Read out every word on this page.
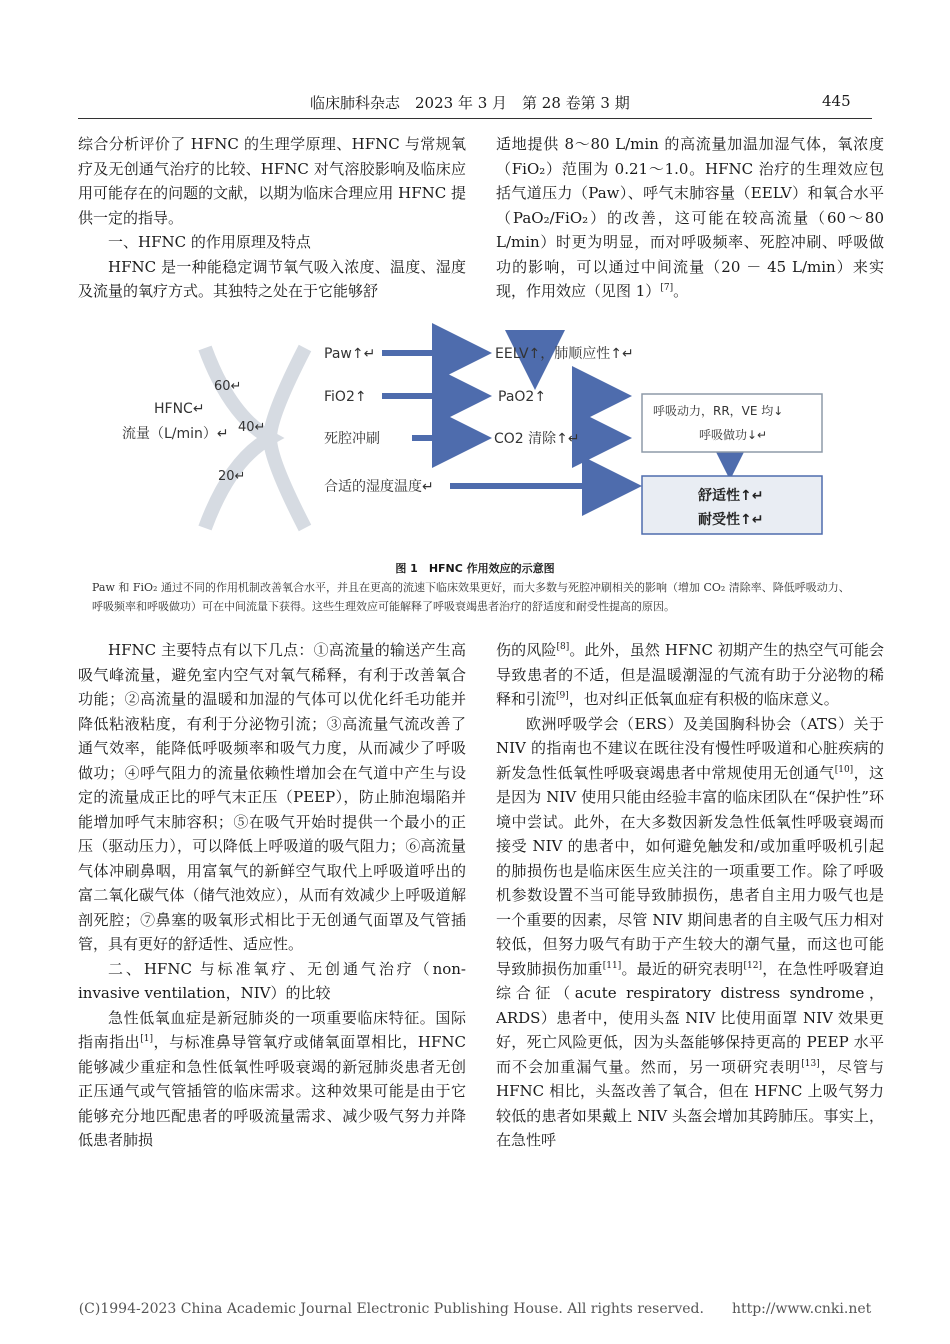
临床肺科杂志　2023 年 3 月　第 28 卷第 3 期	445

综合分析评价了 HFNC 的生理学原理、HFNC 与常规氧疗及无创通气治疗的比较、HFNC 对气溶胶影响及临床应用可能存在的问题的文献，以期为临床合理应用 HFNC 提供一定的指导。

一、HFNC 的作用原理及特点

HFNC 是一种能稳定调节氧气吸入浓度、温度、湿度及流量的氧疗方式。其独特之处在于它能够舒

适地提供 8～80 L/min 的高流量加温加湿气体，氧浓度（FiO₂）范围为 0.21～1.0。HFNC 治疗的生理效应包括气道压力（Paw）、呼气末肺容量（EELV）和氧合水平（PaO₂/FiO₂）的改善，这可能在较高流量（60～80 L/min）时更为明显，而对呼吸频率、死腔冲刷、呼吸做功的影响，可以通过中间流量（20 － 45 L/min）来实现，作用效应（见图 1）[7]。

HFNC↵
流量（L/min）↵
60↵
40↵
20↵
Paw↑↵
FiO2↑
死腔冲刷
合适的湿度温度↵
EELV↑，肺顺应性↑↵
PaO2↑
CO2 清除↑↵
呼吸动力，RR，VE 均↓
呼吸做功↓↵
舒适性↑↵
耐受性↑↵
图 1　HFNC 作用效应的示意图
Paw 和 FiO₂ 通过不同的作用机制改善氧合水平，并且在更高的流速下临床效果更好，而大多数与死腔冲刷相关的影响（增加 CO₂ 清除率、降低呼吸动力、呼吸频率和呼吸做功）可在中间流量下获得。这些生理效应可能解释了呼吸衰竭患者治疗的舒适度和耐受性提高的原因。

HFNC 主要特点有以下几点：①高流量的输送产生高吸气峰流量，避免室内空气对氧气稀释，有利于改善氧合功能；②高流量的温暖和加湿的气体可以优化纤毛功能并降低粘液粘度，有利于分泌物引流；③高流量气流改善了通气效率，能降低呼吸频率和吸气力度，从而减少了呼吸做功；④呼气阻力的流量依赖性增加会在气道中产生与设定的流量成正比的呼气末正压（PEEP），防止肺泡塌陷并能增加呼气末肺容积；⑤在吸气开始时提供一个最小的正压（驱动压力），可以降低上呼吸道的吸气阻力；⑥高流量气体冲刷鼻咽，用富氧气的新鲜空气取代上呼吸道呼出的富二氧化碳气体（储气池效应），从而有效减少上呼吸道解剖死腔；⑦鼻塞的吸氧形式相比于无创通气面罩及气管插管，具有更好的舒适性、适应性。

二、HFNC 与标准氧疗、无创通气治疗（non-invasive ventilation，NIV）的比较

急性低氧血症是新冠肺炎的一项重要临床特征。国际指南指出[1]，与标准鼻导管氧疗或储氧面罩相比，HFNC 能够减少重症和急性低氧性呼吸衰竭的新冠肺炎患者无创正压通气或气管插管的临床需求。这种效果可能是由于它能够充分地匹配患者的呼吸流量需求、减少吸气努力并降低患者肺损

伤的风险[8]。此外，虽然 HFNC 初期产生的热空气可能会导致患者的不适，但是温暖潮湿的气流有助于分泌物的稀释和引流[9]，也对纠正低氧血症有积极的临床意义。

欧洲呼吸学会（ERS）及美国胸科协会（ATS）关于 NIV 的指南也不建议在既往没有慢性呼吸道和心脏疾病的新发急性低氧性呼吸衰竭患者中常规使用无创通气[10]，这是因为 NIV 使用只能由经验丰富的临床团队在“保护性”环境中尝试。此外，在大多数因新发急性低氧性呼吸衰竭而接受 NIV 的患者中，如何避免触发和/或加重呼吸机引起的肺损伤也是临床医生应关注的一项重要工作。除了呼吸机参数设置不当可能导致肺损伤，患者自主用力吸气也是一个重要的因素，尽管 NIV 期间患者的自主吸气压力相对较低，但努力吸气有助于产生较大的潮气量，而这也可能导致肺损伤加重[11]。最近的研究表明[12]，在急性呼吸窘迫综合征（acute respiratory distress syndrome，ARDS）患者中，使用头盔 NIV 比使用面罩 NIV 效果更好，死亡风险更低，因为头盔能够保持更高的 PEEP 水平而不会加重漏气量。然而，另一项研究表明[13]，尽管与 HFNC 相比，头盔改善了氧合，但在 HFNC 上吸气努力较低的患者如果戴上 NIV 头盔会增加其跨肺压。事实上，在急性呼

(C)1994-2023 China Academic Journal Electronic Publishing House. All rights reserved.　　http://www.cnki.net
